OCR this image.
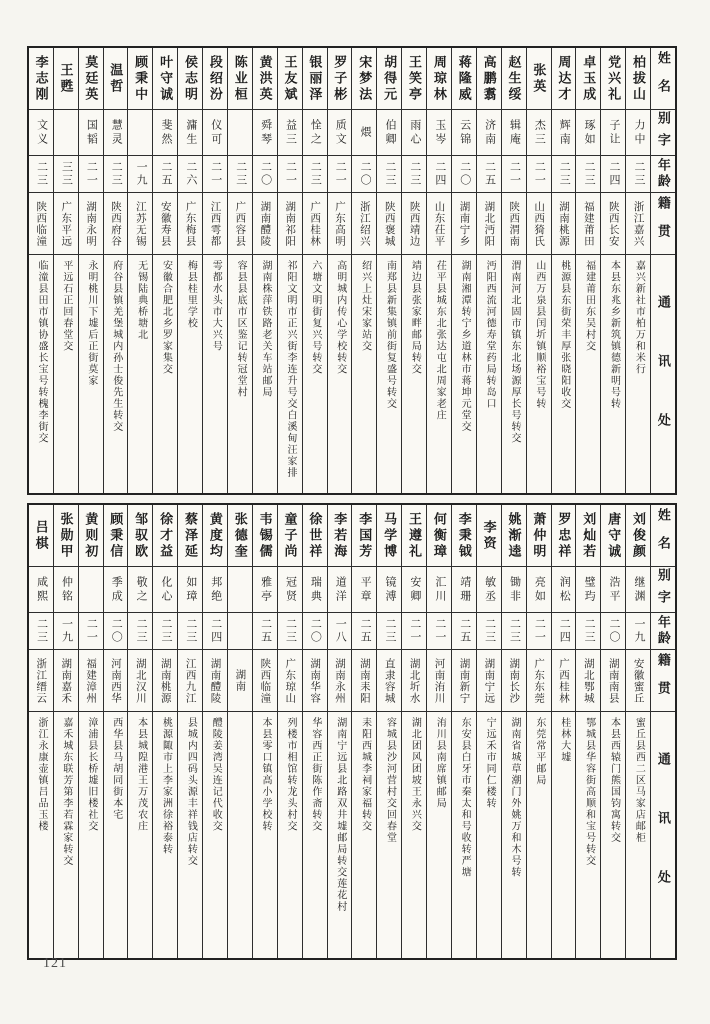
姓名
别字
年龄
籍贯
通讯处
柏拔山
力中
二三
浙江嘉兴
嘉兴新社市柏万和米行
党兴礼
子让
二四
陕西长安
本县东兆乡新筑镇德新明号转
卓玉成
琢如
二三
福建莆田
福建莆田东吴村交
周达才
辉南
二三
湖南桃源
桃源县东街荣丰厚张晓阳收交
张英
杰三
二一
山西猗氏
山西万泉县闰圻镇顺裕宝号转
赵生绥
辑庵
二一
陕西渭南
渭南河北固市镇东北场源厚长号转交
高鹏翥
济南
二五
湖北沔阳
沔阳西流河德寿堂药局转岛口
蒋隆威
云锦
二〇
湖南宁乡
湖南湘潭转宁乡道林市蒋坤元堂交
周琼林
玉岑
二四
山东茌平
茌平县城东北张达屯北周家老庄
王笑亭
雨心
二三
陕西靖边
靖边县张家畔邮局转交
胡得元
伯卿
二三
陕西褒城
南郑县新集镇前街复盛号转交
宋梦法
煨
二〇
浙江绍兴
绍兴上灶宋家站交
罗子彬
质文
二一
广东高明
高明城内传心学校转交
银丽泽
恮之
二三
广西桂林
六塘文明街复兴号转交
王友斌
益三
二一
湖南祁阳
祁阳文明市正兴街李连升号交白溪甸汪家排
黄洪英
舜琴
二〇
湖南醴陵
湖南株萍铁路老关车站邮局
陈业桓
二三
广西容县
容县县底市区鉴记转冠堂村
段绍汾
仪可
二一
江西雩都
雩都水头市大兴号
侯志明
滽生
二六
广东梅县
梅县桂里学校
叶守诚
斐然
二五
安徽寿县
安徽合肥北乡罗家集交
顾秉中
一九
江苏无锡
无锡陆典桥塘北
温哲
慧灵
二三
陕西府谷
府谷县镇羌堡城内孙士俊先生转交
莫廷英
国韬
二一
湖南永明
永明桃川下墟后正街莫家
王甦
三三
广东平远
平远石正回春堂交
李志刚
文义
二三
陕西临潼
临潼县田市镇协盛长宝号转槐李街交
姓名
别字
年龄
籍贯
通讯处
刘俊颜
继渊
一九
安徽蜜丘
蜜丘县西二区马家店邮柜
唐守诚
浩平
二〇
湖南南县
本县西辕门熊国钧寓转交
刘灿若
璧玙
二三
湖北鄂城
鄂城县华容街高顺和宝号转交
罗忠祥
润松
二四
广西桂林
桂林大墟
萧仲明
亮如
二一
广东东莞
东莞常平邮局
姚渐逵
锄非
二三
湖南长沙
湖南省城草潮门外姚万和木号转
李资
敏丞
二三
湖南宁远
宁远禾市同仁楼转
李秉钺
靖珊
二五
湖南新宁
东安县白牙市秦太和号收转严塘
何衡璋
汇川
二一
河南洧川
洧川县南席镇邮局
王遵礼
安卿
二一
湖北圻水
湖北团风团坡王永兴交
马学博
镜溥
二三
直隶容城
容城县沙河营村交回春堂
李国芳
平章
二五
湖南耒阳
耒阳西城李祠家福转交
李若海
道洋
一八
湖南永州
湖南宁远县北路双井墟邮局转交莲花村
徐世祥
瑞典
二〇
湖南华容
华容西正街陈作斋转交
童子尚
冠贤
二三
广东琼山
列楼市相馆转龙头村交
韦锡儒
雅亭
二五
陕西临潼
本县零口镇高小学校转
张德奎
湖南
黄度均
邦绝
二四
湖南醴陵
醴陵姜湾吴连记代收交
蔡泽延
如璋
二三
江西九江
县城内四码头源丰祥钱店转交
徐才益
化心
二三
湖南桃源
桃源陬市上李家洲徐裕泰转
邹驭欧
敬之
二三
湖北汉川
本县城隍港王万茂农庄
顾秉信
季成
二〇
河南西华
西华县马胡同街本宅
黄则初
二一
福建漳州
漳浦县长桥墟旧楼社交
张勋甲
仲铭
一九
湖南嘉禾
嘉禾城东联芳第李若霖家转交
吕棋
咸熙
二三
浙江缙云
浙江永康壶镇吕品玉楼
121
